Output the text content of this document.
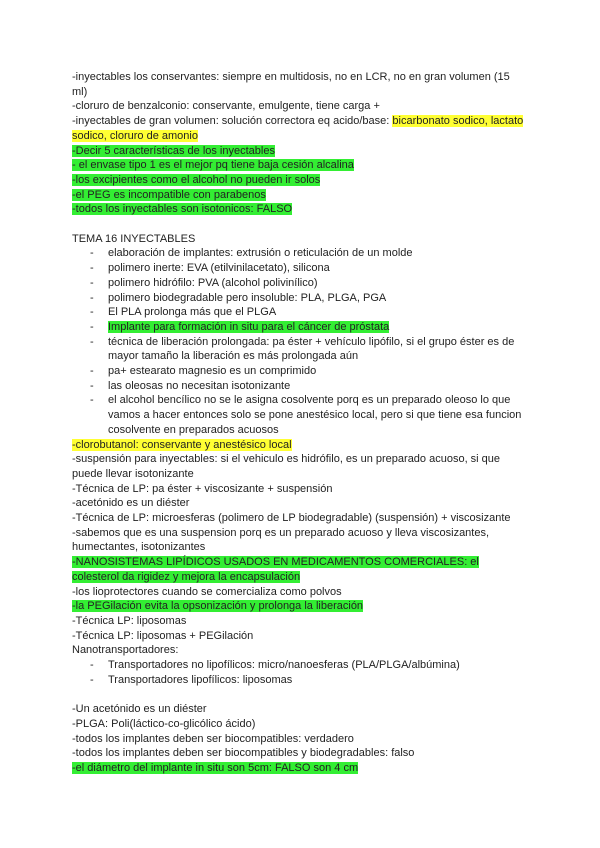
-inyectables los conservantes: siempre en multidosis, no en LCR, no en gran volumen (15
ml)
-cloruro de benzalconio: conservante, emulgente, tiene carga +
-inyectables de gran volumen: solución correctora eq acido/base: bicarbonato sodico, lactato
sodico, cloruro de amonio
-Decir 5 características de los inyectables
- el envase tipo 1 es el mejor pq tiene baja cesión alcalina
-los excipientes como el alcohol no pueden ir solos
-el PEG es incompatible con parabenos
-todos los inyectables son isotonicos: FALSO
TEMA 16 INYECTABLES
- elaboración de implantes: extrusión o reticulación de un molde
- polimero inerte: EVA (etilvinilacetato), silicona
- polimero hidrófilo: PVA (alcohol polivinílico)
- polimero biodegradable pero insoluble: PLA, PLGA, PGA
- El PLA prolonga más que el PLGA
- Implante para formación in situ para el cáncer de próstata
- técnica de liberación prolongada: pa éster + vehículo lipófilo, si el grupo éster es de
mayor tamaño la liberación es más prolongada aún
- pa+ estearato magnesio es un comprimido
- las oleosas no necesitan isotonizante
- el alcohol bencílico no se le asigna cosolvente porq es un preparado oleoso lo que
vamos a hacer entonces solo se pone anestésico local, pero si que tiene esa funcion
cosolvente en preparados acuosos
-clorobutanol: conservante y anestésico local
-suspensión para inyectables: si el vehiculo es hidrófilo, es un preparado acuoso, si que
puede llevar isotonizante
-Técnica de LP: pa éster + viscosizante + suspensión
-acetónido es un diéster
-Técnica de LP: microesferas (polimero de LP biodegradable) (suspensión) + viscosizante
-sabemos que es una suspension porq es un preparado acuoso y lleva viscosizantes,
humectantes, isotonizantes
-NANOSISTEMAS LIPÍDICOS USADOS EN MEDICAMENTOS COMERCIALES: el
colesterol da rigidez y mejora la encapsulación
-los lioprotectores cuando se comercializa como polvos
-la PEGilación evita la opsonización y prolonga la liberación
-Técnica LP: liposomas
-Técnica LP: liposomas + PEGilación
Nanotransportadores:
- Transportadores no lipofílicos: micro/nanoesferas (PLA/PLGA/albúmina)
- Transportadores lipofílicos: liposomas
-Un acetónido es un diéster
-PLGA: Poli(láctico-co-glicólico ácido)
-todos los implantes deben ser biocompatibles: verdadero
-todos los implantes deben ser biocompatibles y biodegradables: falso
-el diámetro del implante in situ son 5cm: FALSO son 4 cm
